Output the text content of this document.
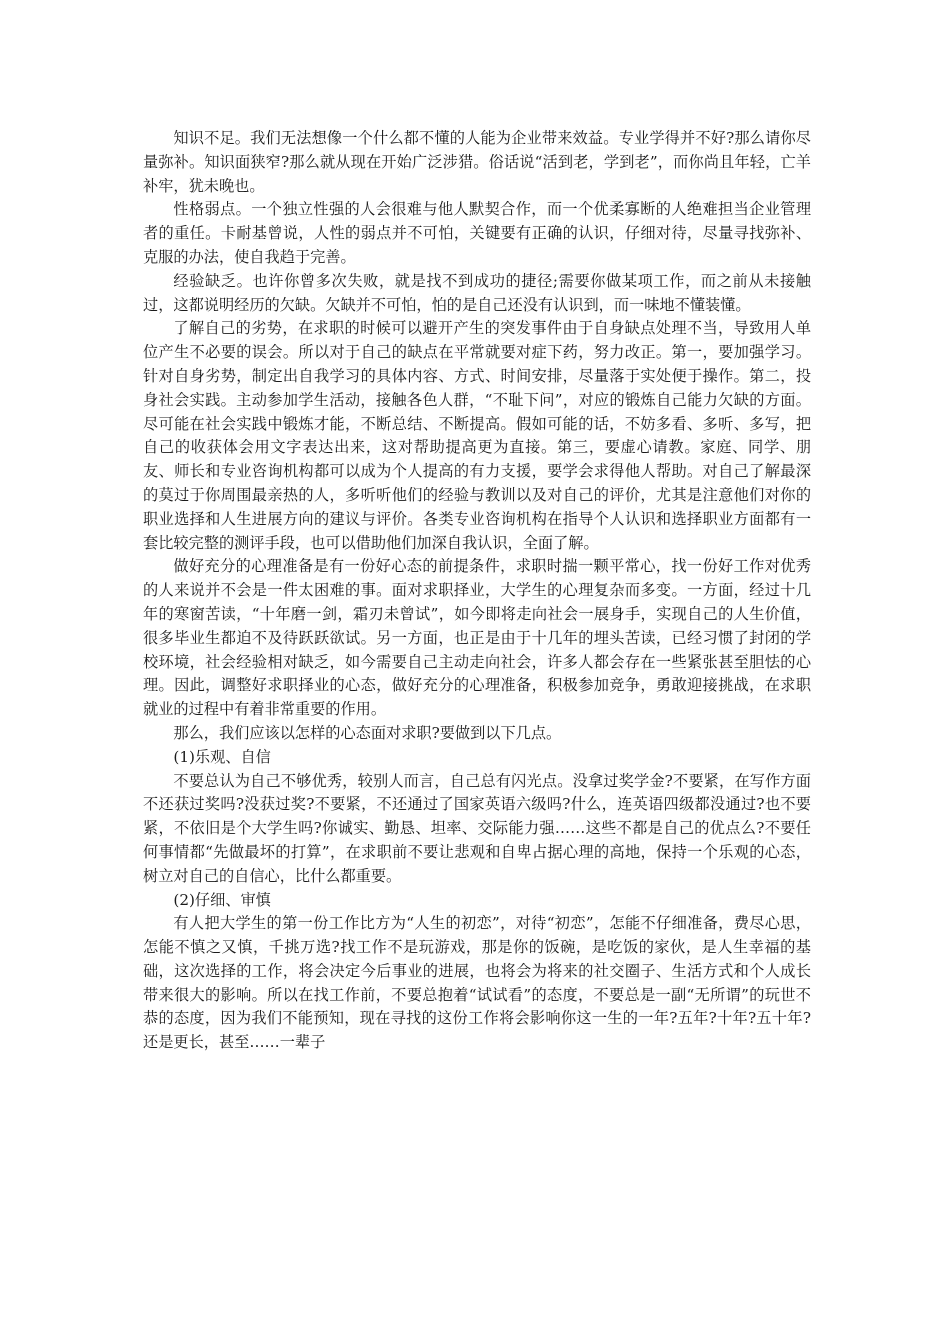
知识不足。我们无法想像一个什么都不懂的人能为企业带来效益。专业学得并不好?那么请你尽量弥补。知识面狭窄?那么就从现在开始广泛涉猎。俗话说“活到老，学到老”，而你尚且年轻，亡羊补牢，犹未晚也。

性格弱点。一个独立性强的人会很难与他人默契合作，而一个优柔寡断的人绝难担当企业管理者的重任。卡耐基曾说，人性的弱点并不可怕，关键要有正确的认识，仔细对待，尽量寻找弥补、克服的办法，使自我趋于完善。

经验缺乏。也许你曾多次失败，就是找不到成功的捷径;需要你做某项工作，而之前从未接触过，这都说明经历的欠缺。欠缺并不可怕，怕的是自己还没有认识到，而一味地不懂装懂。

了解自己的劣势，在求职的时候可以避开产生的突发事件由于自身缺点处理不当，导致用人单位产生不必要的误会。所以对于自己的缺点在平常就要对症下药，努力改正。第一，要加强学习。针对自身劣势，制定出自我学习的具体内容、方式、时间安排，尽量落于实处便于操作。第二，投身社会实践。主动参加学生活动，接触各色人群，“不耻下问”，对应的锻炼自己能力欠缺的方面。尽可能在社会实践中锻炼才能，不断总结、不断提高。假如可能的话，不妨多看、多听、多写，把自己的收获体会用文字表达出来，这对帮助提高更为直接。第三，要虚心请教。家庭、同学、朋友、师长和专业咨询机构都可以成为个人提高的有力支援，要学会求得他人帮助。对自己了解最深的莫过于你周围最亲热的人，多听听他们的经验与教训以及对自己的评价，尤其是注意他们对你的职业选择和人生进展方向的建议与评价。各类专业咨询机构在指导个人认识和选择职业方面都有一套比较完整的测评手段，也可以借助他们加深自我认识，全面了解。

做好充分的心理准备是有一份好心态的前提条件，求职时揣一颗平常心，找一份好工作对优秀的人来说并不会是一件太困难的事。面对求职择业，大学生的心理复杂而多变。一方面，经过十几年的寒窗苦读，“十年磨一剑，霜刃未曾试”，如今即将走向社会一展身手，实现自己的人生价值，很多毕业生都迫不及待跃跃欲试。另一方面，也正是由于十几年的埋头苦读，已经习惯了封闭的学校环境，社会经验相对缺乏，如今需要自己主动走向社会，许多人都会存在一些紧张甚至胆怯的心理。因此，调整好求职择业的心态，做好充分的心理准备，积极参加竞争，勇敢迎接挑战，在求职就业的过程中有着非常重要的作用。

那么，我们应该以怎样的心态面对求职?要做到以下几点。

(1)乐观、自信

不要总认为自己不够优秀，较别人而言，自己总有闪光点。没拿过奖学金?不要紧，在写作方面不还获过奖吗?没获过奖?不要紧，不还通过了国家英语六级吗?什么，连英语四级都没通过?也不要紧，不依旧是个大学生吗?你诚实、勤恳、坦率、交际能力强……这些不都是自己的优点么?不要任何事情都“先做最坏的打算”，在求职前不要让悲观和自卑占据心理的高地，保持一个乐观的心态，树立对自己的自信心，比什么都重要。

(2)仔细、审慎

有人把大学生的第一份工作比方为“人生的初恋”，对待“初恋”，怎能不仔细准备，费尽心思，怎能不慎之又慎，千挑万选?找工作不是玩游戏，那是你的饭碗，是吃饭的家伙，是人生幸福的基础，这次选择的工作，将会决定今后事业的进展，也将会为将来的社交圈子、生活方式和个人成长带来很大的影响。所以在找工作前，不要总抱着“试试看”的态度，不要总是一副“无所谓”的玩世不恭的态度，因为我们不能预知，现在寻找的这份工作将会影响你这一生的一年?五年?十年?五十年?还是更长，甚至……一辈子
